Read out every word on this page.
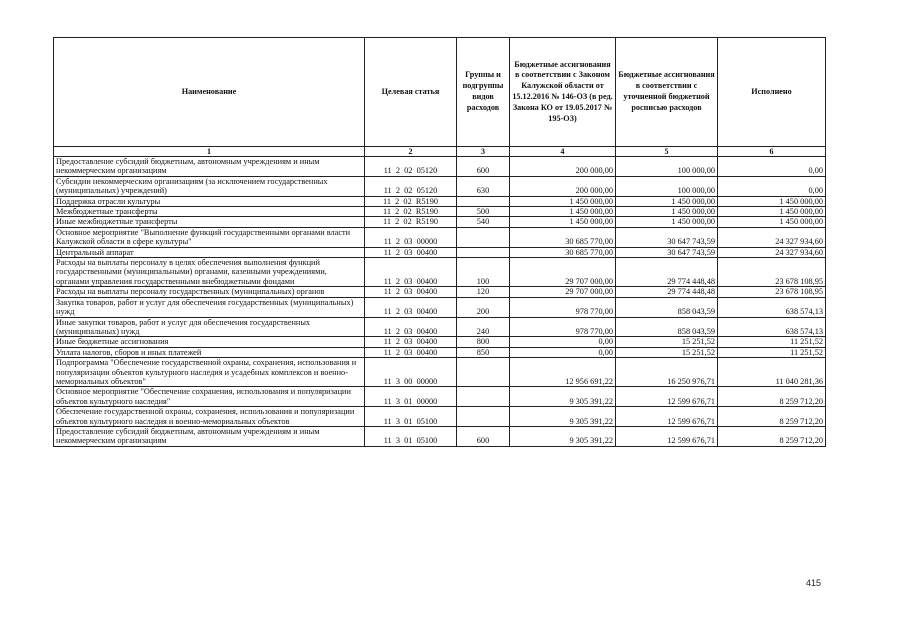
Наименование	Целевая статья	Группы и подгруппы видов расходов	Бюджетные ассигнования в соответствии с Законом Калужской области от 15.12.2016 № 146-ОЗ (в ред. Закона КО от 19.05.2017 № 195-ОЗ)	Бюджетные ассигнования в соответствии с уточненной бюджетной росписью расходов	Исполнено
1	2	3	4	5	6
Предоставление субсидий бюджетным, автономным учреждениям и иным некоммерческим организациям	11  2  02  05120	600	200 000,00	100 000,00	0,00
Субсидии некоммерческим организациям (за исключением государственных (муниципальных) учреждений)	11  2  02  05120	630	200 000,00	100 000,00	0,00
Поддержка отрасли культуры	11  2  02  R5190		1 450 000,00	1 450 000,00	1 450 000,00
Межбюджетные трансферты	11  2  02  R5190	500	1 450 000,00	1 450 000,00	1 450 000,00
Иные межбюджетные трансферты	11  2  02  R5190	540	1 450 000,00	1 450 000,00	1 450 000,00
Основное мероприятие "Выполнение функций государственными органами власти Калужской области в сфере культуры"	11  2  03  00000		30 685 770,00	30 647 743,59	24 327 934,60
Центральный аппарат	11  2  03  00400		30 685 770,00	30 647 743,59	24 327 934,60
Расходы на выплаты персоналу в целях обеспечения выполнения функций государственными (муниципальными) органами, казенными учреждениями, органами управления государственными внебюджетными фондами	11  2  03  00400	100	29 707 000,00	29 774 448,48	23 678 108,95
Расходы на выплаты персоналу государственных (муниципальных) органов	11  2  03  00400	120	29 707 000,00	29 774 448,48	23 678 108,95
Закупка товаров, работ и услуг для обеспечения государственных (муниципальных) нужд	11  2  03  00400	200	978 770,00	858 043,59	638 574,13
Иные закупки товаров, работ и услуг для обеспечения государственных (муниципальных) нужд	11  2  03  00400	240	978 770,00	858 043,59	638 574,13
Иные бюджетные ассигнования	11  2  03  00400	800	0,00	15 251,52	11 251,52
Уплата налогов, сборов и иных платежей	11  2  03  00400	850	0,00	15 251,52	11 251,52
Подпрограмма "Обеспечение государственной охраны, сохранения, использования и популяризации объектов культурного наследия и усадебных комплексов и военно-мемориальных объектов"	11  3  00  00000		12 956 691,22	16 250 976,71	11 040 281,36
Основное мероприятие "Обеспечение сохранения, использования и популяризации объектов культурного наследия"	11  3  01  00000		9 305 391,22	12 599 676,71	8 259 712,20
Обеспечение государственной охраны, сохранения, использования и популяризации объектов культурного наследия и военно-мемориальных объектов	11  3  01  05100		9 305 391,22	12 599 676,71	8 259 712,20
Предоставление субсидий бюджетным, автономным учреждениям и иным некоммерческим организациям	11  3  01  05100	600	9 305 391,22	12 599 676,71	8 259 712,20
415
